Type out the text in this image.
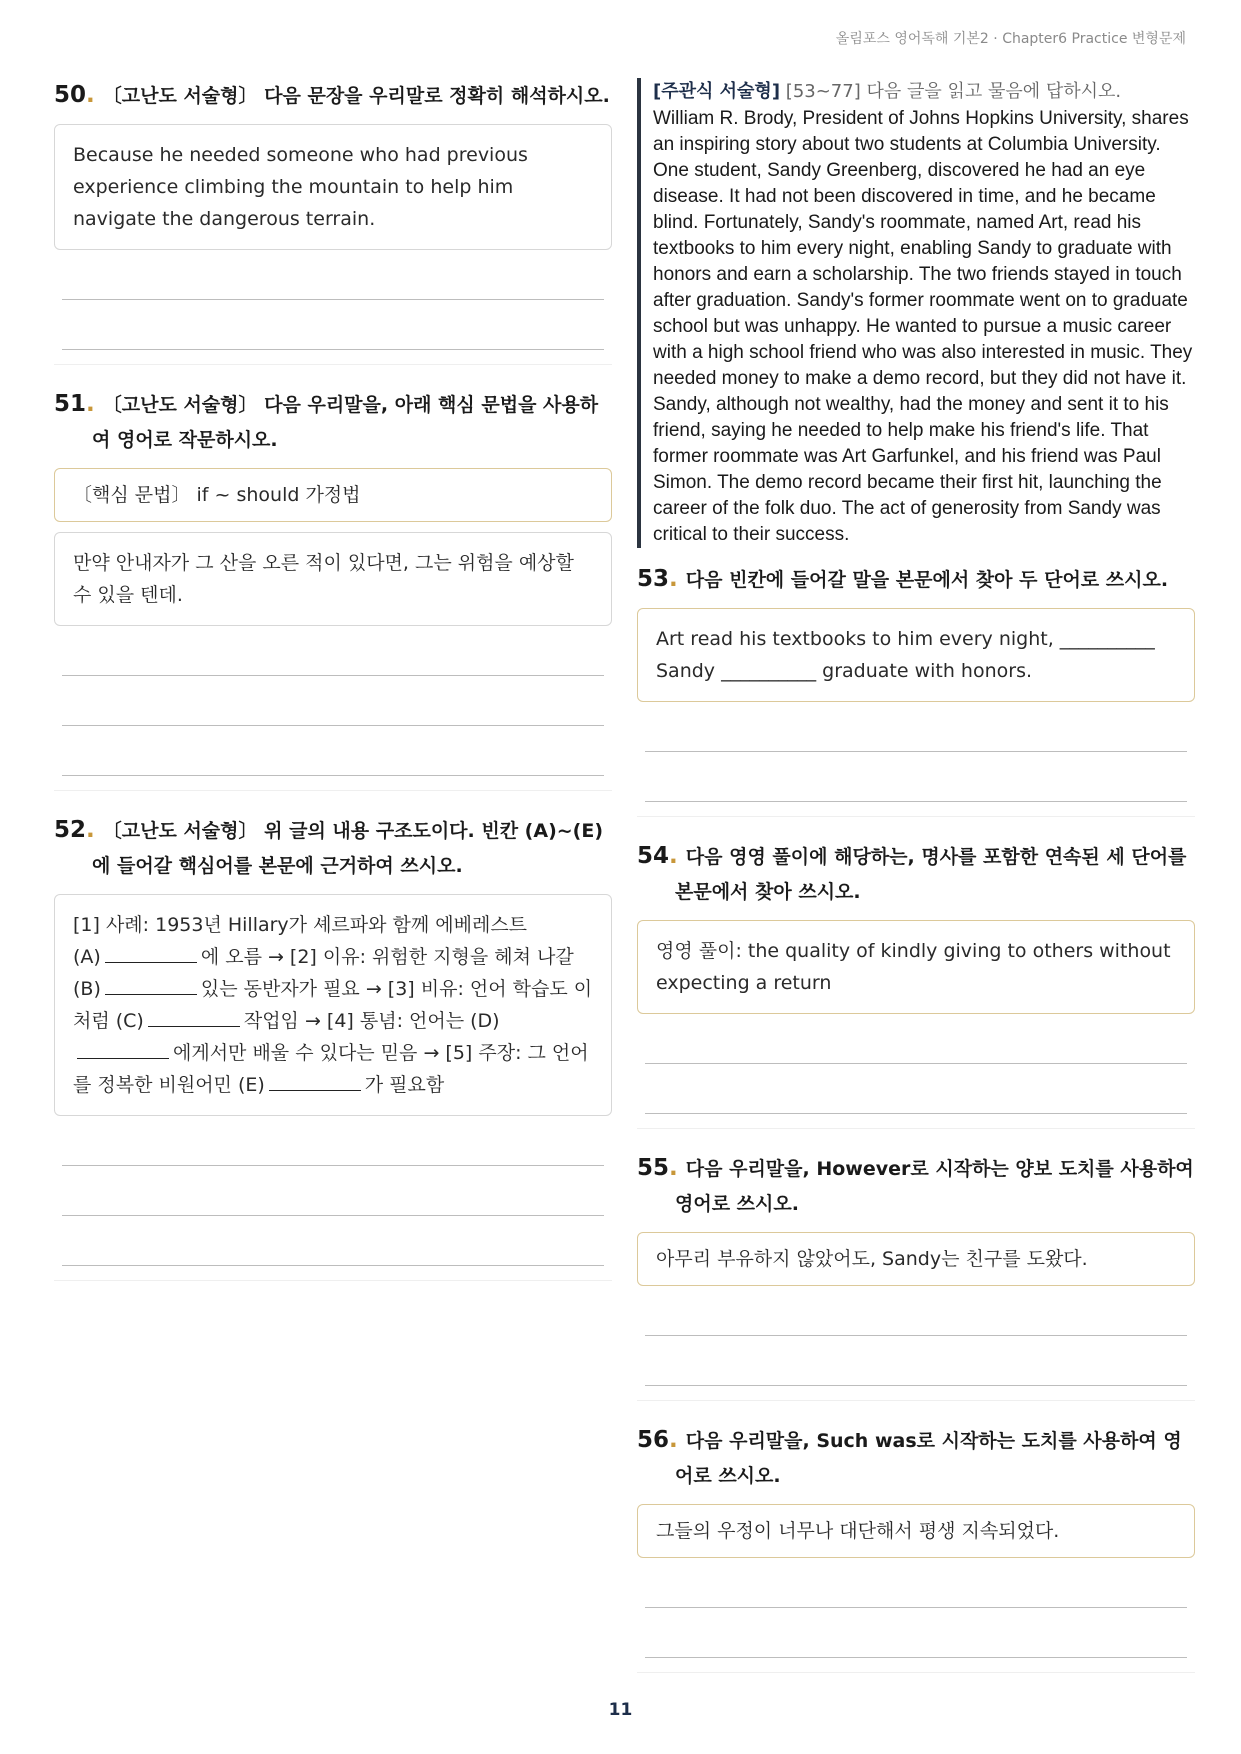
올림포스 영어독해 기본2 · Chapter6 Practice 변형문제
50. 〔고난도 서술형〕 다음 문장을 우리말로 정확히 해석하시오.
Because he needed someone who had previous experience climbing the mountain to help him navigate the dangerous terrain.
51. 〔고난도 서술형〕 다음 우리말을, 아래 핵심 문법을 사용하여 영어로 작문하시오.
〔핵심 문법〕 if ~ should 가정법
만약 안내자가 그 산을 오른 적이 있다면, 그는 위험을 예상할 수 있을 텐데.
52. 〔고난도 서술형〕 위 글의 내용 구조도이다. 빈칸 (A)~(E)에 들어갈 핵심어를 본문에 근거하여 쓰시오.
[1] 사례: 1953년 Hillary가 셰르파와 함께 에베레스트
(A)	에 오름 → [2] 이유: 위험한 지형을 헤쳐 나갈
(B)	있는 동반자가 필요 → [3] 비유: 언어 학습도 이처럼 (C)	작업임 → [4] 통념: 언어는 (D)에게서만 배울 수 있다는 믿음 → [5] 주장: 그 언어를 정복한 비원어민 (E)	가 필요함
[주관식 서술형] [53~77] 다음 글을 읽고 물음에 답하시오.
William R. Brody, President of Johns Hopkins University, shares an inspiring story about two students at Columbia University. One student, Sandy Greenberg, discovered he had an eye disease. It had not been discovered in time, and he became blind. Fortunately, Sandy's roommate, named Art, read his textbooks to him every night, enabling Sandy to graduate with honors and earn a scholarship. The two friends stayed in touch after graduation. Sandy's former roommate went on to graduate school but was unhappy. He wanted to pursue a music career with a high school friend who was also interested in music. They needed money to make a demo record, but they did not have it. Sandy, although not wealthy, had the money and sent it to his friend, saying he needed to help make his friend's life. That former roommate was Art Garfunkel, and his friend was Paul Simon. The demo record became their first hit, launching the career of the folk duo. The act of generosity from Sandy was critical to their success.
53. 다음 빈칸에 들어갈 말을 본문에서 찾아 두 단어로 쓰시오.
Art read his textbooks to him every night, __________ Sandy __________ graduate with honors.
54. 다음 영영 풀이에 해당하는, 명사를 포함한 연속된 세 단어를 본문에서 찾아 쓰시오.
영영 풀이: the quality of kindly giving to others without expecting a return
55. 다음 우리말을, However로 시작하는 양보 도치를 사용하여 영어로 쓰시오.
아무리 부유하지 않았어도, Sandy는 친구를 도왔다.
56. 다음 우리말을, Such was로 시작하는 도치를 사용하여 영어로 쓰시오.
그들의 우정이 너무나 대단해서 평생 지속되었다.
11
